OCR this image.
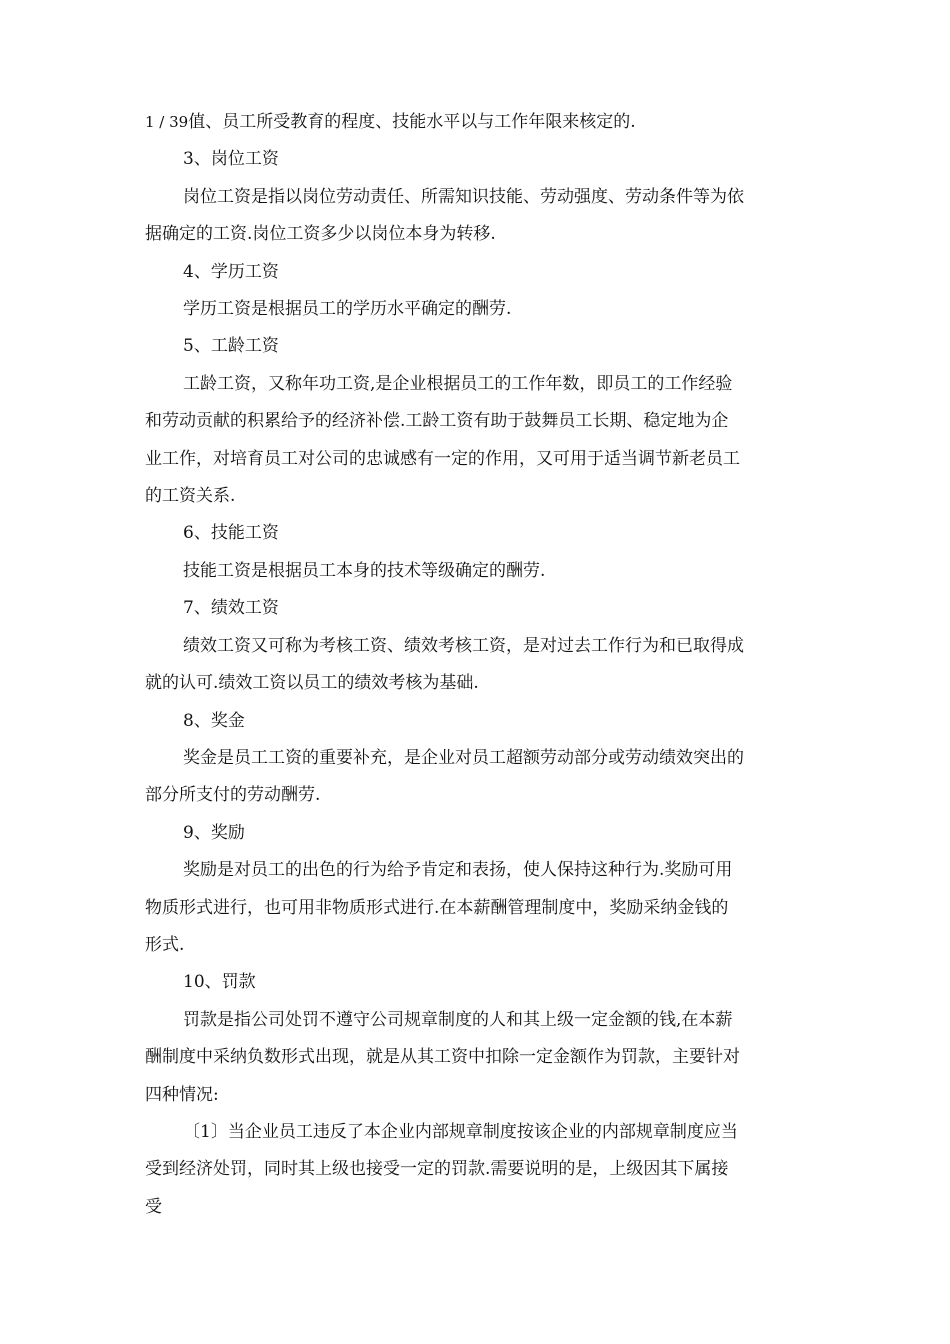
1 / 39值、员工所受教育的程度、技能水平以与工作年限来核定的.
3、岗位工资
岗位工资是指以岗位劳动责任、所需知识技能、劳动强度、劳动条件等为依
据确定的工资.岗位工资多少以岗位本身为转移.
4、学历工资
学历工资是根据员工的学历水平确定的酬劳.
5、工龄工资
工龄工资，又称年功工资,是企业根据员工的工作年数，即员工的工作经验
和劳动贡献的积累给予的经济补偿.工龄工资有助于鼓舞员工长期、稳定地为企
业工作，对培育员工对公司的忠诚感有一定的作用，又可用于适当调节新老员工
的工资关系.
6、技能工资
技能工资是根据员工本身的技术等级确定的酬劳.
7、绩效工资
绩效工资又可称为考核工资、绩效考核工资，是对过去工作行为和已取得成
就的认可.绩效工资以员工的绩效考核为基础.
8、奖金
奖金是员工工资的重要补充，是企业对员工超额劳动部分或劳动绩效突出的
部分所支付的劳动酬劳.
9、奖励
奖励是对员工的出色的行为给予肯定和表扬，使人保持这种行为.奖励可用
物质形式进行，也可用非物质形式进行.在本薪酬管理制度中，奖励采纳金钱的
形式.
10、罚款
罚款是指公司处罚不遵守公司规章制度的人和其上级一定金额的钱,在本薪
酬制度中采纳负数形式出现，就是从其工资中扣除一定金额作为罚款，主要针对
四种情况:
〔1〕当企业员工违反了本企业内部规章制度按该企业的内部规章制度应当
受到经济处罚，同时其上级也接受一定的罚款.需要说明的是，上级因其下属接
受
